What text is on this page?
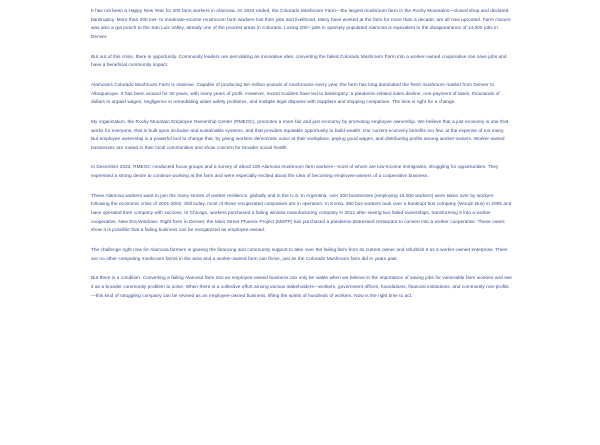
It has not been a Happy New Year for 200 farm workers in Alamosa. As 2022 ended, the Colorado Mushroom Farm—the largest mushroom farm in the Rocky Mountains—closed shop and declared bankruptcy. More than 200 low- to moderate-income mushroom farm workers lost their jobs and livelihood. Many have worked at the farm for more than a decade; are all now uprooted. Farm closure was also a gut punch to the San Luis Valley, already one of the poorest areas in Colorado. Losing 200+ jobs in sparsely populated Alamosa is equivalent to the disappearance of 14,000 jobs in Denver.

But out of this crisis, there is opportunity. Community leaders are percolating an innovative idea: converting the failed Colorado Mushroom Farm into a worker-owned cooperative can save jobs and have a beneficial community impact.

Alamosa's Colorado Mushroom Farm is massive. Capable of producing ten million pounds of mushrooms every year, the farm has long dominated the fresh mushroom market from Denver to Albuquerque. It has been around for 40 years, with many years of profit. However, recent troubles have led to bankruptcy: a pandemic-related sales decline, non-payment of taxes, thousands of dollars in unpaid wages, negligence in remediating water safety problems, and multiple legal disputes with suppliers and shipping companies. The time is right for a change.

My organization, the Rocky Mountain Employee Ownership Center (RMEOC), promotes a more fair and just economy by promoting employee ownership. We believe that a just economy is one that works for everyone, that is built upon inclusive and sustainable systems, and that provides equitable opportunity to build wealth. Our current economy benefits too few, at the expense of too many. But employee ownership is a powerful tool to change that, by giving workers democratic voice at their workplace, paying good wages, and distributing profits among worker-owners. Worker-owned businesses are rooted in their local communities and show concern for broader social health.

In December 2022, RMEOC conducted focus groups and a survey of about 100 Alamosa mushroom farm workers—most of whom are low-income immigrants, struggling for opportunities. They expressed a strong desire to continue working at the farm and were especially excited about the idea of becoming employee-owners of a cooperative business.

These Alamosa workers want to join the many stories of worker resilience, globally and in the U.S. In Argentina, over 300 businesses (employing 15,000 workers) were taken over by workers following the economic crisis of 2001-2002. Still today, most of these recuperated companies are in operation. In Korea, 350 bus workers took over a bankrupt bus company (Woojin Bus) in 2005 and have operated their company with success. In Chicago, workers purchased a failing window manufacturing company in 2012 after seeing two failed ownerships, transforming it into a worker cooperative, New Era Windows. Right here in Denver, the Main Street Phoenix Project (MSPP) has purchased a pandemic-distressed restaurant to convert into a worker cooperative. These cases show it is possible that a failing business can be reorganized as employee-owned.

The challenge right now for Alamosa farmers is gaining the financing and community support to take over the failing farm from its current owner and refurbish it as a worker-owned enterprise. There are no other competing mushroom farms in the area and a worker-owned farm can thrive, just as the Colorado Mushroom farm did in years past.

But there is a condition. Converting a failing Alamosa farm into an employee-owned business can only be viable when we believe in the importance of saving jobs for vulnerable farm workers and see it as a broader community problem to solve. When there is a collective effort among various stakeholders—workers, government offices, foundations, financial institutions, and community non-profits—this kind of struggling company can be revived as an employee-owned business, lifting the spirits of hundreds of workers. Now is the right time to act.
